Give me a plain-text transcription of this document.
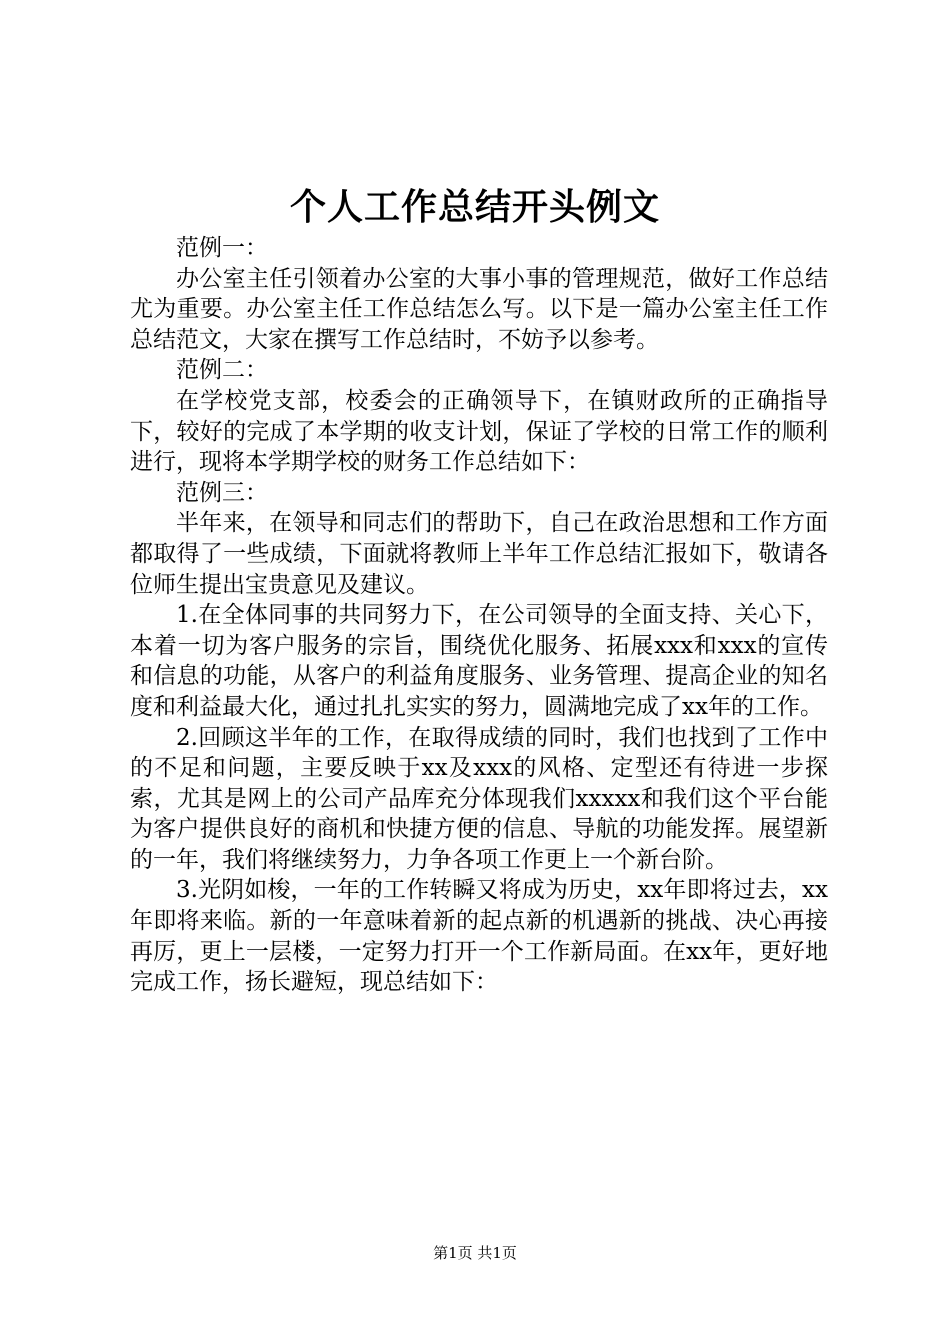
个人工作总结开头例文

范例一：

办公室主任引领着办公室的大事小事的管理规范，做好工作总结尤为重要。办公室主任工作总结怎么写。以下是一篇办公室主任工作总结范文，大家在撰写工作总结时，不妨予以参考。

范例二：

在学校党支部，校委会的正确领导下，在镇财政所的正确指导下，较好的完成了本学期的收支计划，保证了学校的日常工作的顺利进行，现将本学期学校的财务工作总结如下：

范例三：

半年来，在领导和同志们的帮助下，自己在政治思想和工作方面都取得了一些成绩，下面就将教师上半年工作总结汇报如下，敬请各位师生提出宝贵意见及建议。

1.在全体同事的共同努力下，在公司领导的全面支持、关心下，本着一切为客户服务的宗旨，围绕优化服务、拓展xxx和xxx的宣传和信息的功能，从客户的利益角度服务、业务管理、提高企业的知名度和利益最大化，通过扎扎实实的努力，圆满地完成了xx年的工作。

2.回顾这半年的工作，在取得成绩的同时，我们也找到了工作中的不足和问题，主要反映于xx及xxx的风格、定型还有待进一步探索，尤其是网上的公司产品库充分体现我们xxxxx和我们这个平台能为客户提供良好的商机和快捷方便的信息、导航的功能发挥。展望新的一年，我们将继续努力，力争各项工作更上一个新台阶。

3.光阴如梭，一年的工作转瞬又将成为历史，xx年即将过去，xx年即将来临。新的一年意味着新的起点新的机遇新的挑战、决心再接再厉，更上一层楼，一定努力打开一个工作新局面。在xx年，更好地完成工作，扬长避短，现总结如下：

第1页 共1页
